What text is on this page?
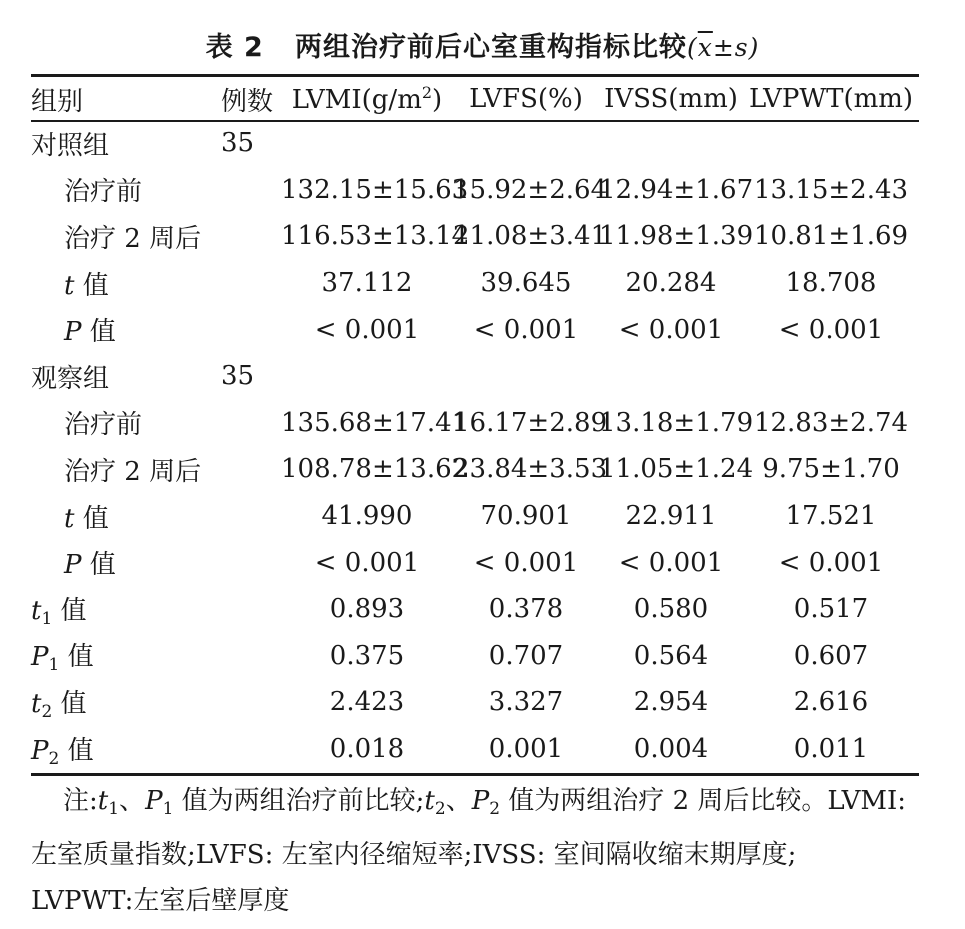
表 2 两组治疗前后心室重构指标比较$(\overline{x}\pm s)$
组别	例数	$LVMI(g/m^2)$	LVFS(%)	IVSS(mm)	LVPWT(mm)
对照组	35				
治疗前		132.15±15.63	15.92±2.64	12.94±1.67	13.15±2.43
治疗 2 周后		116.53±13.14	21.08±3.41	11.98±1.39	10.81±1.69
t 值		37.112	39.645	20.284	18.708
P 值		< 0.001	< 0.001	< 0.001	< 0.001
观察组	35				
治疗前		135.68±17.41	16.17±2.89	13.18±1.79	12.83±2.74
治疗 2 周后		108.78±13.62	23.84±3.53	11.05±1.24	9.75±1.70
t 值		41.990	70.901	22.911	17.521
P 值		< 0.001	< 0.001	< 0.001	< 0.001
$t_1$ 值		0.893	0.378	0.580	0.517
$P_1$ 值		0.375	0.707	0.564	0.607
$t_2$ 值		2.423	3.327	2.954	2.616
$P_2$ 值		0.018	0.001	0.004	0.011
注$:t_1$、$P_1$ 值为两组治疗前比较$;t_2$、$P_2$ 值为两组治疗 2 周后比较。LVMI:
左室质量指数;LVFS: 左室内径缩短率;IVSS: 室间隔收缩末期厚度;
LVPWT:左室后壁厚度
